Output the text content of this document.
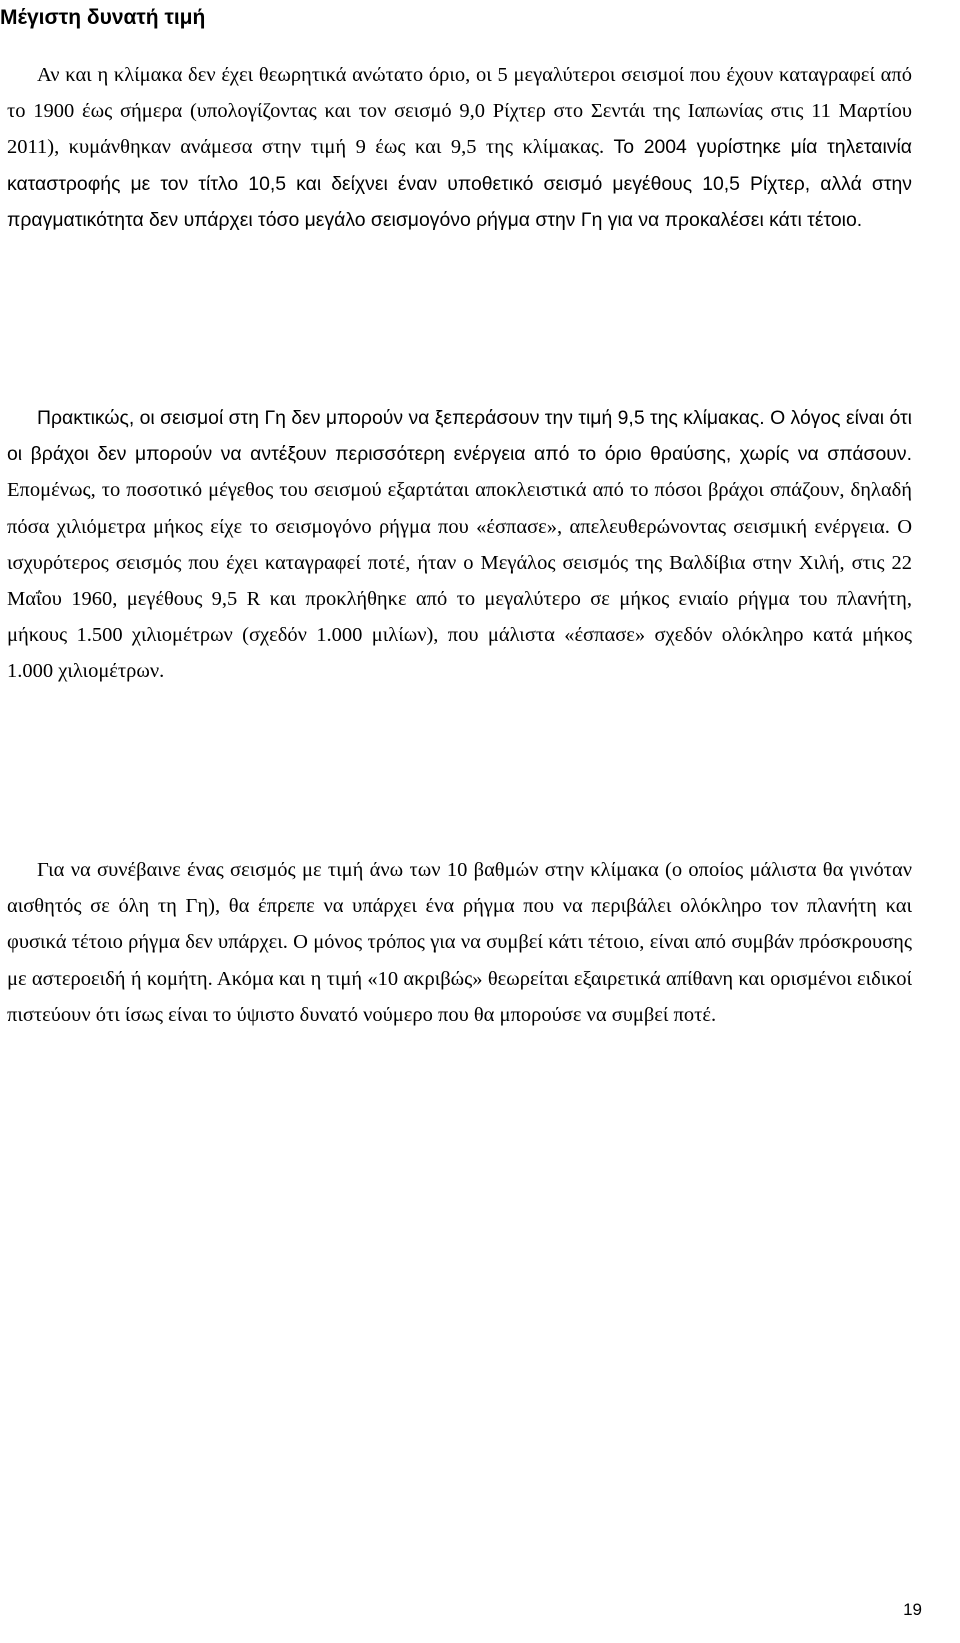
Μέγιστη δυνατή τιμή

Αν και η κλίμακα δεν έχει θεωρητικά ανώτατο όριο, οι 5 μεγαλύτεροι σεισμοί που έχουν καταγραφεί από το 1900 έως σήμερα (υπολογίζοντας και τον σεισμό 9,0 Ρίχτερ στο Σεντάι της Ιαπωνίας στις 11 Μαρτίου 2011), κυμάνθηκαν ανάμεσα στην τιμή 9 έως και 9,5 της κλίμακας. Το 2004 γυρίστηκε μία τηλεταινία καταστροφής με τον τίτλο 10,5 και δείχνει έναν υποθετικό σεισμό μεγέθους 10,5 Ρίχτερ, αλλά στην πραγματικότητα δεν υπάρχει τόσο μεγάλο σεισμογόνο ρήγμα στην Γη για να προκαλέσει κάτι τέτοιο.

Πρακτικώς, οι σεισμοί στη Γη δεν μπορούν να ξεπεράσουν την τιμή 9,5 της κλίμακας. Ο λόγος είναι ότι οι βράχοι δεν μπορούν να αντέξουν περισσότερη ενέργεια από το όριο θραύσης, χωρίς να σπάσουν. Επομένως, το ποσοτικό μέγεθος του σεισμού εξαρτάται αποκλειστικά από το πόσοι βράχοι σπάζουν, δηλαδή πόσα χιλιόμετρα μήκος είχε το σεισμογόνο ρήγμα που «έσπασε», απελευθερώνοντας σεισμική ενέργεια. Ο ισχυρότερος σεισμός που έχει καταγραφεί ποτέ, ήταν ο Μεγάλος σεισμός της Βαλδίβια στην Χιλή, στις 22 Μαΐου 1960, μεγέθους 9,5 R και προκλήθηκε από το μεγαλύτερο σε μήκος ενιαίο ρήγμα του πλανήτη, μήκους 1.500 χιλιομέτρων (σχεδόν 1.000 μιλίων), που μάλιστα «έσπασε» σχεδόν ολόκληρο κατά μήκος 1.000 χιλιομέτρων.

Για να συνέβαινε ένας σεισμός με τιμή άνω των 10 βαθμών στην κλίμακα (ο οποίος μάλιστα θα γινόταν αισθητός σε όλη τη Γη), θα έπρεπε να υπάρχει ένα ρήγμα που να περιβάλει ολόκληρο τον πλανήτη και φυσικά τέτοιο ρήγμα δεν υπάρχει. Ο μόνος τρόπος για να συμβεί κάτι τέτοιο, είναι από συμβάν πρόσκρουσης με αστεροειδή ή κομήτη. Ακόμα και η τιμή «10 ακριβώς» θεωρείται εξαιρετικά απίθανη και ορισμένοι ειδικοί πιστεύουν ότι ίσως είναι το ύψιστο δυνατό νούμερο που θα μπορούσε να συμβεί ποτέ.

19
